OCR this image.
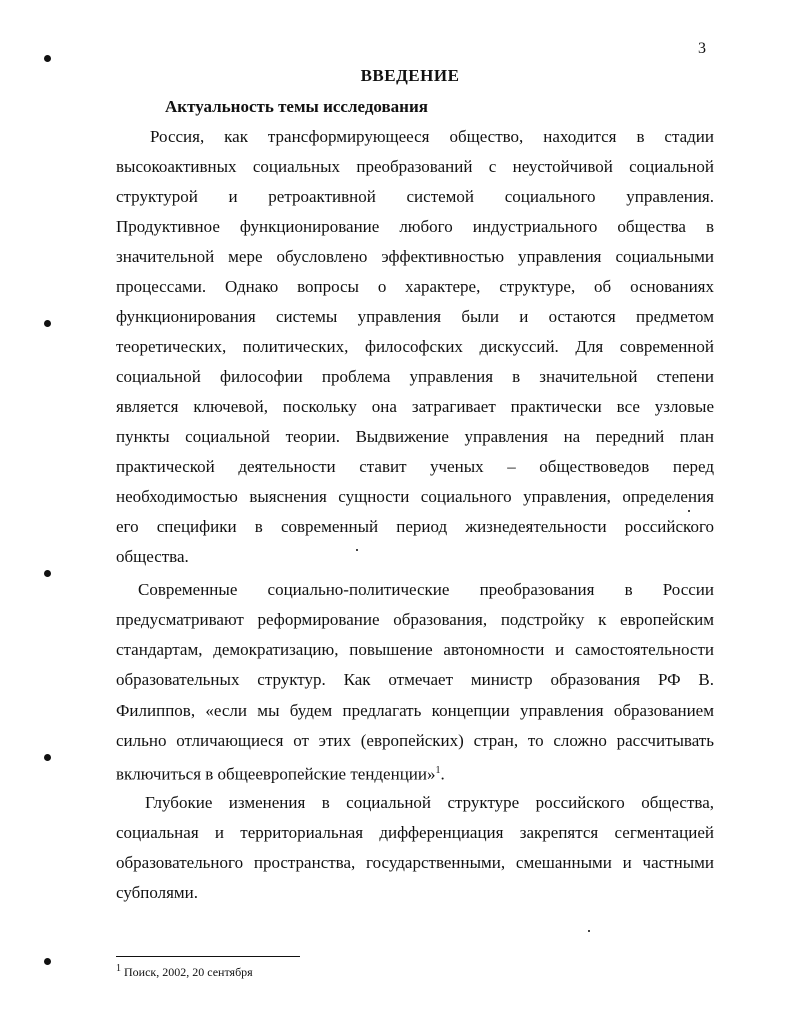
3
ВВЕДЕНИЕ
Актуальность темы исследования
Россия, как трансформирующееся общество, находится в стадии
высокоактивных социальных преобразований с неустойчивой социальной
структурой и ретроактивной системой социального управления.
Продуктивное функционирование любого индустриального общества в
значительной мере обусловлено эффективностью управления социальными
процессами. Однако вопросы о характере, структуре, об основаниях
функционирования системы управления были и остаются предметом
теоретических, политических, философских дискуссий. Для современной
социальной философии проблема управления в значительной степени
является ключевой, поскольку она затрагивает практически все узловые
пункты социальной теории. Выдвижение управления на передний план
практической деятельности ставит ученых – обществоведов перед
необходимостью выяснения сущности социального управления, определения
его специфики в современный период жизнедеятельности российского
общества.
Современные социально-политические преобразования в России
предусматривают реформирование образования, подстройку к европейским
стандартам, демократизацию, повышение автономности и самостоятельности
образовательных структур. Как отмечает министр образования РФ В.
Филиппов, «если мы будем предлагать концепции управления образованием
сильно отличающиеся от этих (европейских) стран, то сложно рассчитывать
включиться в общеевропейские тенденции»$^1$.
Глубокие изменения в социальной структуре российского общества,
социальная и территориальная дифференциация закрепятся сегментацией
образовательного пространства, государственными, смешанными и частными
субполями.
$^1$ Поиск, 2002, 20 сентября
